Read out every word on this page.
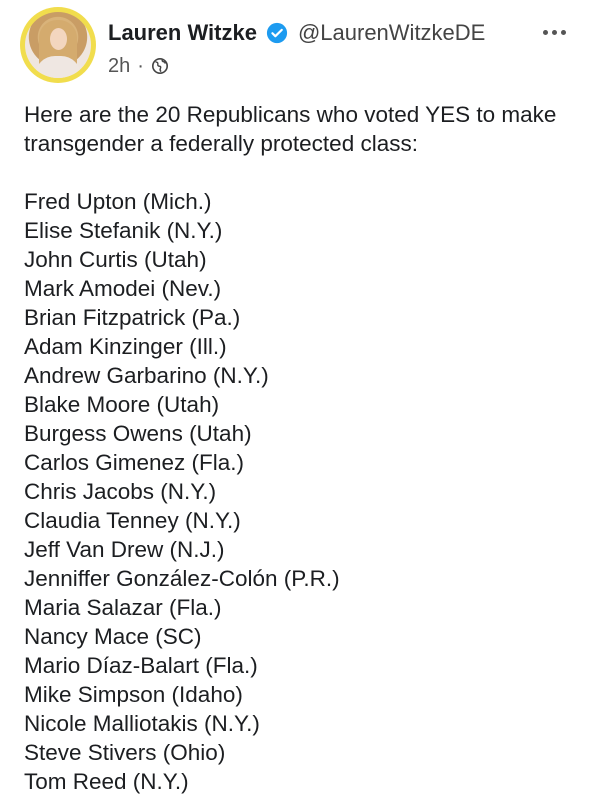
Lauren Witzke @LaurenWitzkeDE
2h ·

Here are the 20 Republicans who voted YES to make transgender a federally protected class:

Fred Upton (Mich.)
Elise Stefanik (N.Y.)
John Curtis (Utah)
Mark Amodei (Nev.)
Brian Fitzpatrick (Pa.)
Adam Kinzinger (Ill.)
Andrew Garbarino (N.Y.)
Blake Moore (Utah)
Burgess Owens (Utah)
Carlos Gimenez (Fla.)
Chris Jacobs (N.Y.)
Claudia Tenney (N.Y.)
Jeff Van Drew (N.J.)
Jenniffer González-Colón (P.R.)
Maria Salazar (Fla.)
Nancy Mace (SC)
Mario Díaz-Balart (Fla.)
Mike Simpson (Idaho)
Nicole Malliotakis (N.Y.)
Steve Stivers (Ohio)
Tom Reed (N.Y.)
